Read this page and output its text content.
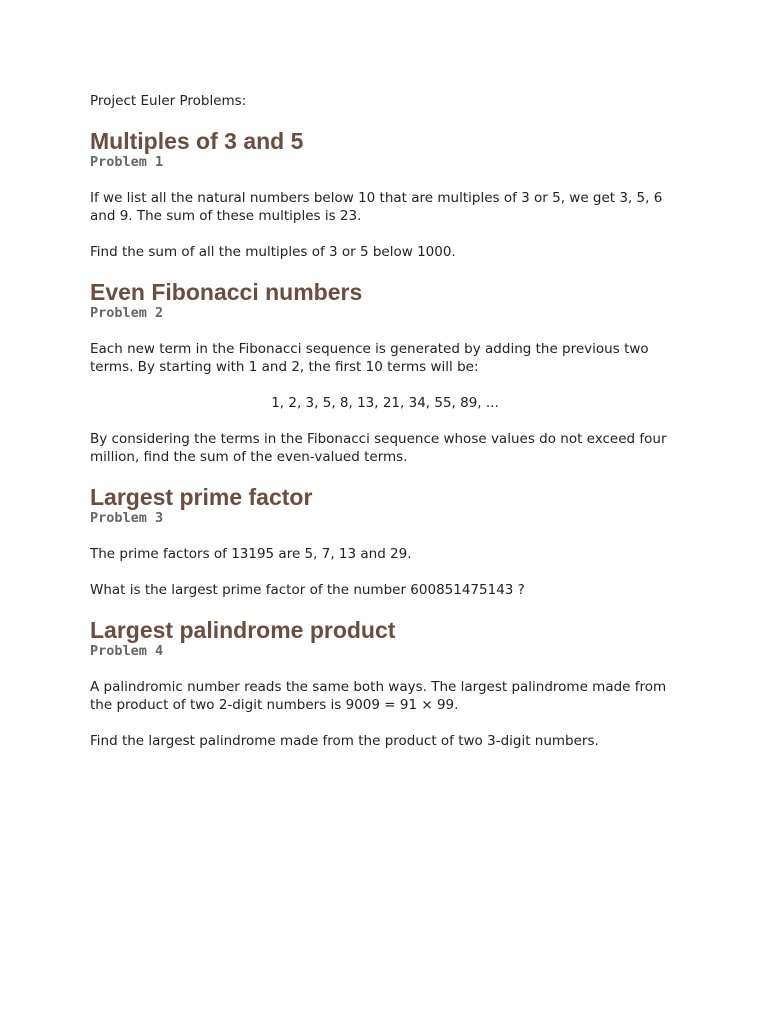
Project Euler Problems:

Multiples of 3 and 5
Problem 1

If we list all the natural numbers below 10 that are multiples of 3 or 5, we get 3, 5, 6 and 9. The sum of these multiples is 23.

Find the sum of all the multiples of 3 or 5 below 1000.

Even Fibonacci numbers
Problem 2

Each new term in the Fibonacci sequence is generated by adding the previous two terms. By starting with 1 and 2, the first 10 terms will be:

1, 2, 3, 5, 8, 13, 21, 34, 55, 89, ...

By considering the terms in the Fibonacci sequence whose values do not exceed four million, find the sum of the even-valued terms.

Largest prime factor
Problem 3

The prime factors of 13195 are 5, 7, 13 and 29.

What is the largest prime factor of the number 600851475143 ?

Largest palindrome product
Problem 4

A palindromic number reads the same both ways. The largest palindrome made from the product of two 2-digit numbers is 9009 = 91 × 99.

Find the largest palindrome made from the product of two 3-digit numbers.
